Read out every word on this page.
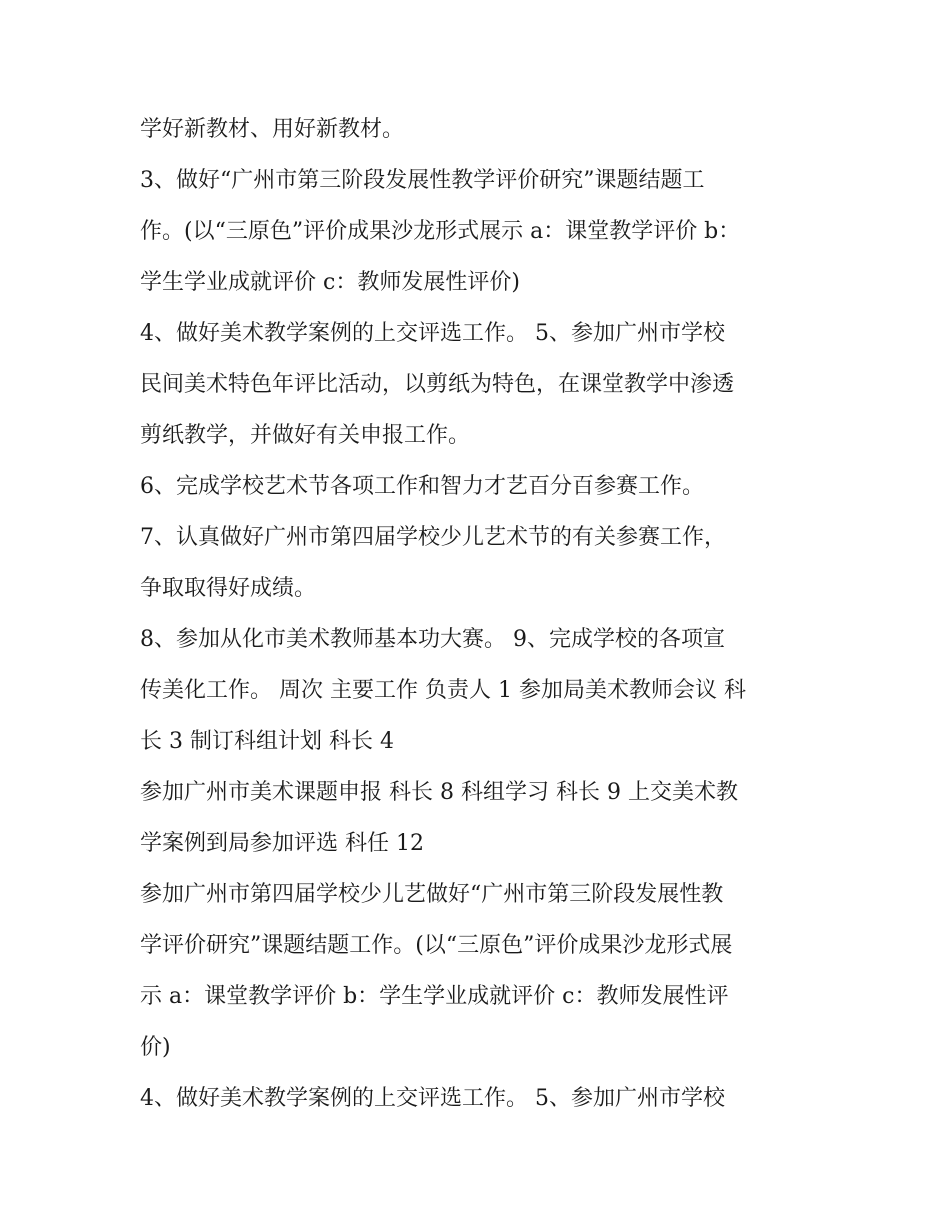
学好新教材、用好新教材。
3、做好“广州市第三阶段发展性教学评价研究”课题结题工
作。(以“三原色”评价成果沙龙形式展示 a：课堂教学评价 b：
学生学业成就评价 c：教师发展性评价)
4、做好美术教学案例的上交评选工作。 5、参加广州市学校
民间美术特色年评比活动，以剪纸为特色，在课堂教学中渗透
剪纸教学，并做好有关申报工作。
6、完成学校艺术节各项工作和智力才艺百分百参赛工作。
7、认真做好广州市第四届学校少儿艺术节的有关参赛工作，
争取取得好成绩。
8、参加从化市美术教师基本功大赛。 9、完成学校的各项宣
传美化工作。 周次 主要工作 负责人 1 参加局美术教师会议 科
长 3 制订科组计划 科长 4
参加广州市美术课题申报 科长 8 科组学习 科长 9 上交美术教
学案例到局参加评选 科任 12
参加广州市第四届学校少儿艺做好“广州市第三阶段发展性教
学评价研究”课题结题工作。(以“三原色”评价成果沙龙形式展
示 a：课堂教学评价 b：学生学业成就评价 c：教师发展性评
价)
4、做好美术教学案例的上交评选工作。 5、参加广州市学校
